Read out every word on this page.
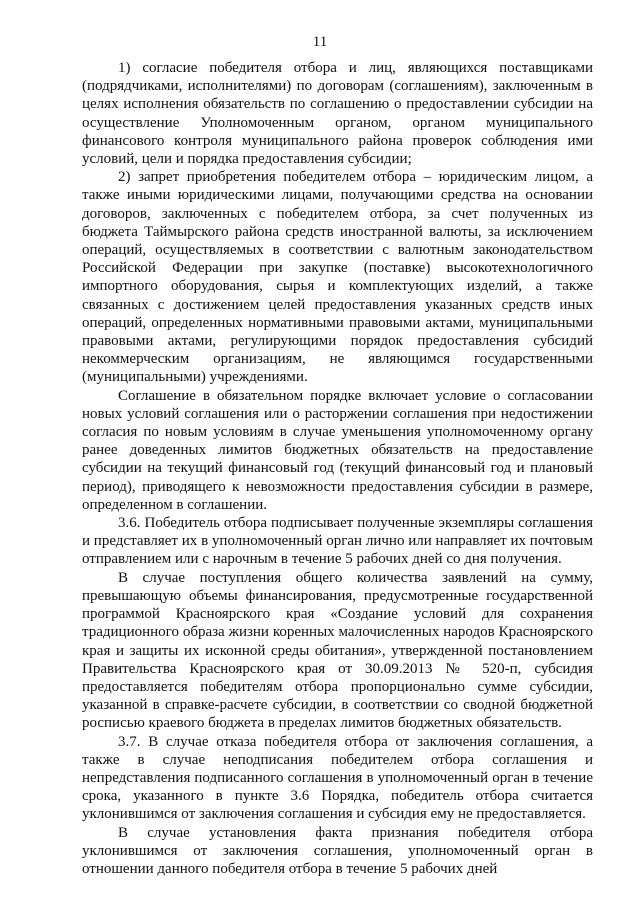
11

1) согласие победителя отбора и лиц, являющихся поставщиками (подрядчиками, исполнителями) по договорам (соглашениям), заключенным в целях исполнения обязательств по соглашению о предоставлении субсидии на осуществление Уполномоченным органом, органом муниципального финансового контроля муниципального района проверок соблюдения ими условий, цели и порядка предоставления субсидии;

2) запрет приобретения победителем отбора – юридическим лицом, а также иными юридическими лицами, получающими средства на основании договоров, заключенных с победителем отбора, за счет полученных из бюджета Таймырского района средств иностранной валюты, за исключением операций, осуществляемых в соответствии с валютным законодательством Российской Федерации при закупке (поставке) высокотехнологичного импортного оборудования, сырья и комплектующих изделий, а также связанных с достижением целей предоставления указанных средств иных операций, определенных нормативными правовыми актами, муниципальными правовыми актами, регулирующими порядок предоставления субсидий некоммерческим организациям, не являющимся государственными (муниципальными) учреждениями.

Соглашение в обязательном порядке включает условие о согласовании новых условий соглашения или о расторжении соглашения при недостижении согласия по новым условиям в случае уменьшения уполномоченному органу ранее доведенных лимитов бюджетных обязательств на предоставление субсидии на текущий финансовый год (текущий финансовый год и плановый период), приводящего к невозможности предоставления субсидии в размере, определенном в соглашении.

3.6. Победитель отбора подписывает полученные экземпляры соглашения и представляет их в уполномоченный орган лично или направляет их почтовым отправлением или с нарочным в течение 5 рабочих дней со дня получения.

В случае поступления общего количества заявлений на сумму, превышающую объемы финансирования, предусмотренные государственной программой Красноярского края «Создание условий для сохранения традиционного образа жизни коренных малочисленных народов Красноярского края и защиты их исконной среды обитания», утвержденной постановлением Правительства Красноярского края от 30.09.2013 № 520-п, субсидия предоставляется победителям отбора пропорционально сумме субсидии, указанной в справке-расчете субсидии, в соответствии со сводной бюджетной росписью краевого бюджета в пределах лимитов бюджетных обязательств.

3.7. В случае отказа победителя отбора от заключения соглашения, а также в случае неподписания победителем отбора соглашения и непредставления подписанного соглашения в уполномоченный орган в течение срока, указанного в пункте 3.6 Порядка, победитель отбора считается уклонившимся от заключения соглашения и субсидия ему не предоставляется.

В случае установления факта признания победителя отбора уклонившимся от заключения соглашения, уполномоченный орган в отношении данного победителя отбора в течение 5 рабочих дней
